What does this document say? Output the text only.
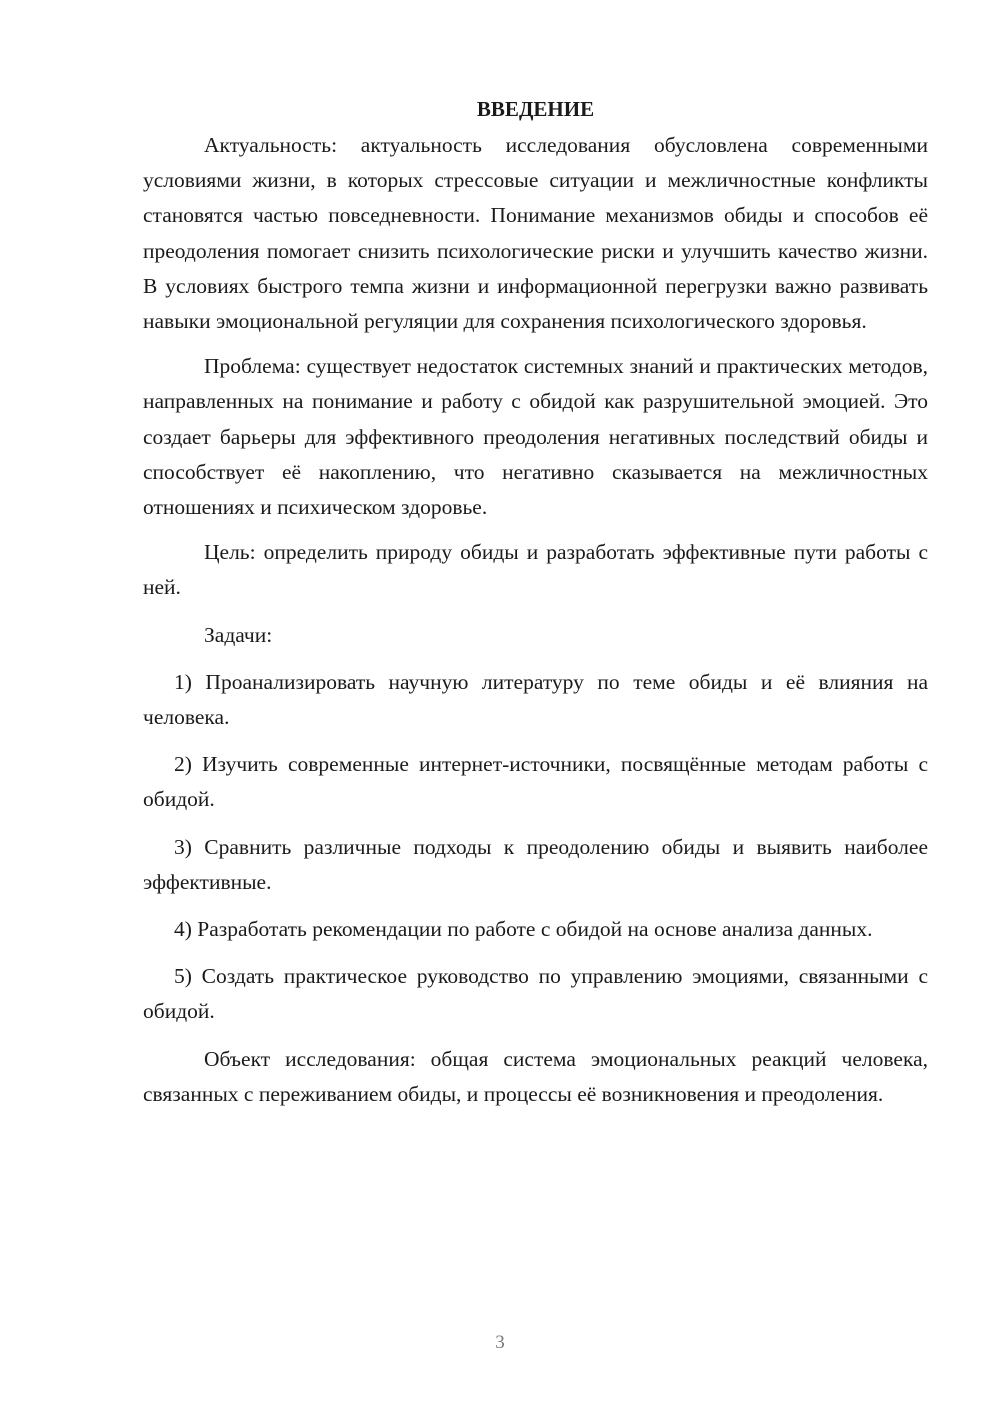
ВВЕДЕНИЕ

Актуальность: актуальность исследования обусловлена современными условиями жизни, в которых стрессовые ситуации и межличностные конфликты становятся частью повседневности. Понимание механизмов обиды и способов её преодоления помогает снизить психологические риски и улучшить качество жизни. В условиях быстрого темпа жизни и информационной перегрузки важно развивать навыки эмоциональной регуляции для сохранения психологического здоровья.

Проблема: существует недостаток системных знаний и практических методов, направленных на понимание и работу с обидой как разрушительной эмоцией. Это создает барьеры для эффективного преодоления негативных последствий обиды и способствует её накоплению, что негативно сказывается на межличностных отношениях и психическом здоровье.

Цель: определить природу обиды и разработать эффективные пути работы с ней.

Задачи:

1) Проанализировать научную литературу по теме обиды и её влияния на человека.

2) Изучить современные интернет-источники, посвящённые методам работы с обидой.

3) Сравнить различные подходы к преодолению обиды и выявить наиболее эффективные.

4) Разработать рекомендации по работе с обидой на основе анализа данных.

5) Создать практическое руководство по управлению эмоциями, связанными с обидой.

Объект исследования: общая система эмоциональных реакций человека, связанных с переживанием обиды, и процессы её возникновения и преодоления.

3
